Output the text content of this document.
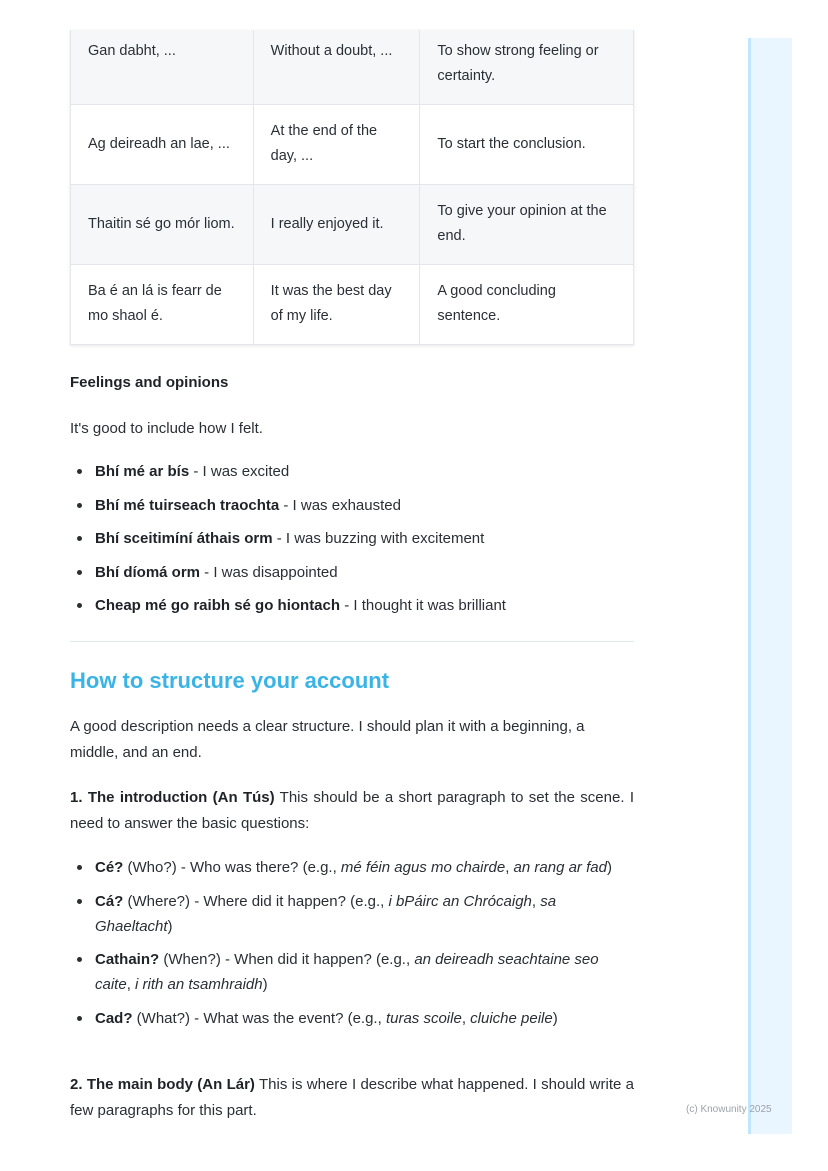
(c) Knowunity 2025
Gan dabht, ...	Without a doubt, ...	To show strong feeling or certainty.
Ag deireadh an lae, ...	At the end of the day, ...	To start the conclusion.
Thaitin sé go mór liom.	I really enjoyed it.	To give your opinion at the end.
Ba é an lá is fearr de mo shaol é.	It was the best day of my life.	A good concluding sentence.
Feelings and opinions

It's good to include how I felt.

Bhí mé ar bís - I was excited
Bhí mé tuirseach traochta - I was exhausted
Bhí sceitimíní áthais orm - I was buzzing with excitement
Bhí díomá orm - I was disappointed
Cheap mé go raibh sé go hiontach - I thought it was brilliant
How to structure your account

A good description needs a clear structure. I should plan it with a beginning, a middle, and an end.

1. The introduction (An Tús) This should be a short paragraph to set the scene. I need to answer the basic questions:

Cé? (Who?) - Who was there? (e.g., mé féin agus mo chairde, an rang ar fad)
Cá? (Where?) - Where did it happen? (e.g., i bPáirc an Chrócaigh, sa Ghaeltacht)
Cathain? (When?) - When did it happen? (e.g., an deireadh seachtaine seo caite, i rith an tsamhraidh)
Cad? (What?) - What was the event? (e.g., turas scoile, cluiche peile)

2. The main body (An Lár) This is where I describe what happened. I should write a few paragraphs for this part.
